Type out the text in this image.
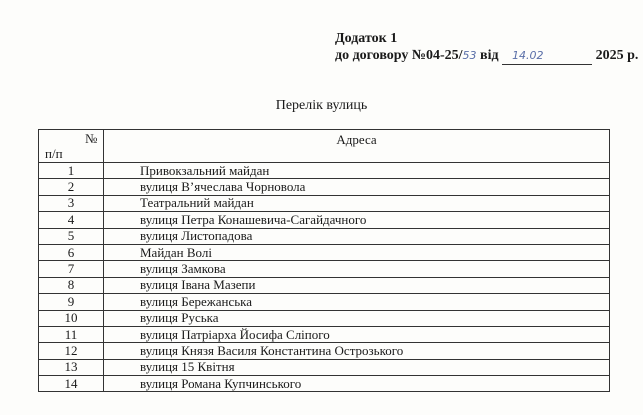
Додаток 1
до договору №04-25/53 від 14.02	2025 р.
Перелік вулиць
№
п/п	Адреса
1	Привокзальний майдан
2	вулиця В’ячеслава Чорновола
3	Театральний майдан
4	вулиця Петра Конашевича-Сагайдачного
5	вулиця Листопадова
6	Майдан Волі
7	вулиця Замкова
8	вулиця Івана Мазепи
9	вулиця Бережанська
10	вулиця Руська
11	вулиця Патріарха Йосифа Сліпого
12	вулиця Князя Василя Константина Острозького
13	вулиця 15 Квітня
14	вулиця Романа Купчинського
